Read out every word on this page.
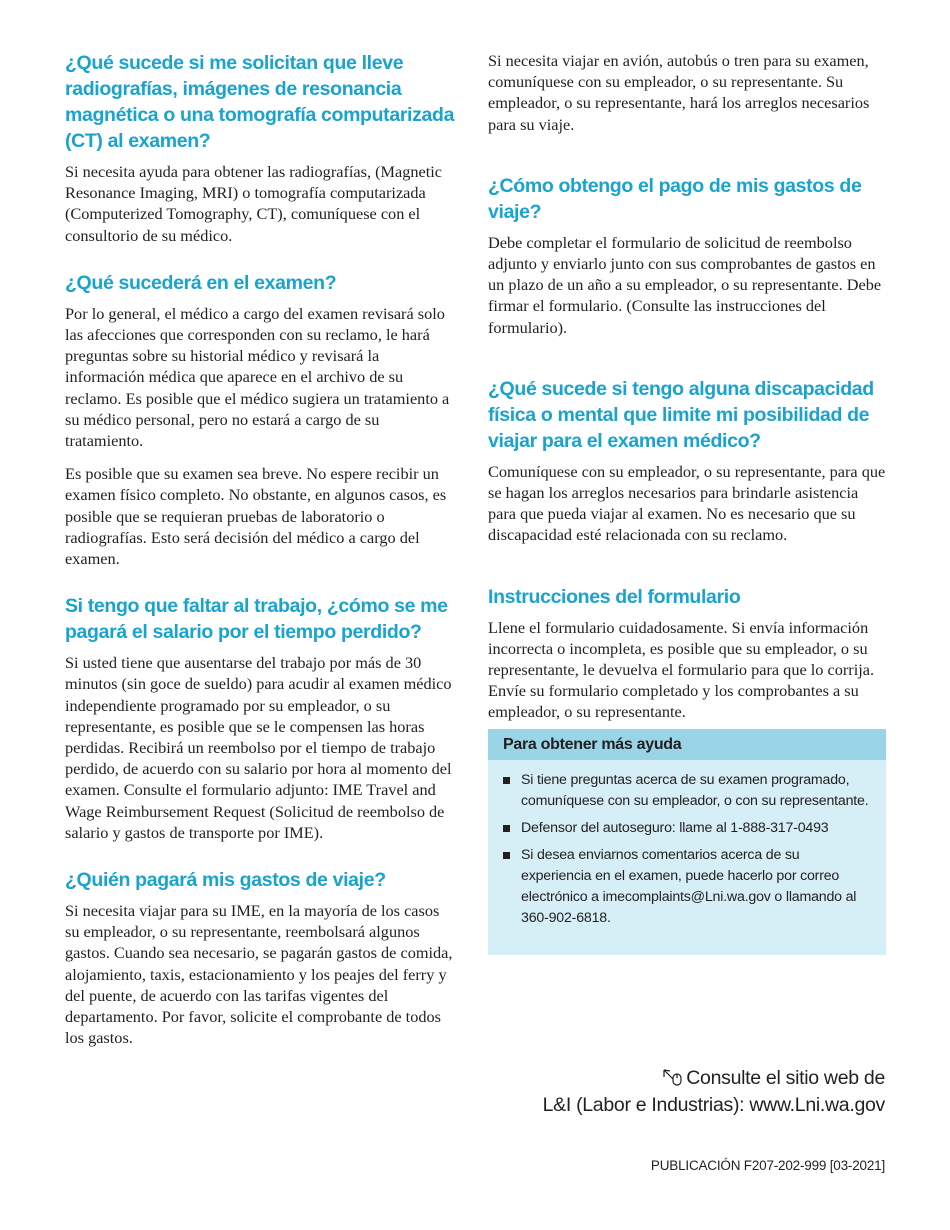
¿Qué sucede si me solicitan que lleve radiografías, imágenes de resonancia magnética o una tomografía computarizada (CT) al examen?

Si necesita ayuda para obtener las radiografías, (Magnetic Resonance Imaging, MRI) o tomografía computarizada (Computerized Tomography, CT), comuníquese con el consultorio de su médico.

¿Qué sucederá en el examen?

Por lo general, el médico a cargo del examen revisará solo las afecciones que corresponden con su reclamo, le hará preguntas sobre su historial médico y revisará la información médica que aparece en el archivo de su reclamo. Es posible que el médico sugiera un tratamiento a su médico personal, pero no estará a cargo de su tratamiento.

Es posible que su examen sea breve. No espere recibir un examen físico completo. No obstante, en algunos casos, es posible que se requieran pruebas de laboratorio o radiografías. Esto será decisión del médico a cargo del examen.

Si tengo que faltar al trabajo, ¿cómo se me pagará el salario por el tiempo perdido?

Si usted tiene que ausentarse del trabajo por más de 30 minutos (sin goce de sueldo) para acudir al examen médico independiente programado por su empleador, o su representante, es posible que se le compensen las horas perdidas. Recibirá un reembolso por el tiempo de trabajo perdido, de acuerdo con su salario por hora al momento del examen. Consulte el formulario adjunto: IME Travel and Wage Reimbursement Request (Solicitud de reembolso de salario y gastos de transporte por IME).

¿Quién pagará mis gastos de viaje?

Si necesita viajar para su IME, en la mayoría de los casos su empleador, o su representante, reembolsará algunos gastos. Cuando sea necesario, se pagarán gastos de comida, alojamiento, taxis, estacionamiento y los peajes del ferry y del puente, de acuerdo con las tarifas vigentes del departamento. Por favor, solicite el comprobante de todos los gastos.

Si necesita viajar en avión, autobús o tren para su examen, comuníquese con su empleador, o su representante. Su empleador, o su representante, hará los arreglos necesarios para su viaje.

¿Cómo obtengo el pago de mis gastos de viaje?

Debe completar el formulario de solicitud de reembolso adjunto y enviarlo junto con sus comprobantes de gastos en un plazo de un año a su empleador, o su representante. Debe firmar el formulario. (Consulte las instrucciones del formulario).

¿Qué sucede si tengo alguna discapacidad física o mental que limite mi posibilidad de viajar para el examen médico?

Comuníquese con su empleador, o su representante, para que se hagan los arreglos necesarios para brindarle asistencia para que pueda viajar al examen. No es necesario que su discapacidad esté relacionada con su reclamo.

Instrucciones del formulario

Llene el formulario cuidadosamente. Si envía información incorrecta o incompleta, es posible que su empleador, o su representante, le devuelva el formulario para que lo corrija. Envíe su formulario completado y los comprobantes a su empleador, o su representante.

Para obtener más ayuda
Si tiene preguntas acerca de su examen programado, comuníquese con su empleador, o con su representante.
Defensor del autoseguro: llame al 1-888-317-0493
Si desea enviarnos comentarios acerca de su experiencia en el examen, puede hacerlo por correo electrónico a imecomplaints@Lni.wa.gov o llamando al 360-902-6818.
Consulte el sitio web de
L&I (Labor e Industrias): www.Lni.wa.gov
PUBLICACIÓN F207-202-999 [03-2021]
